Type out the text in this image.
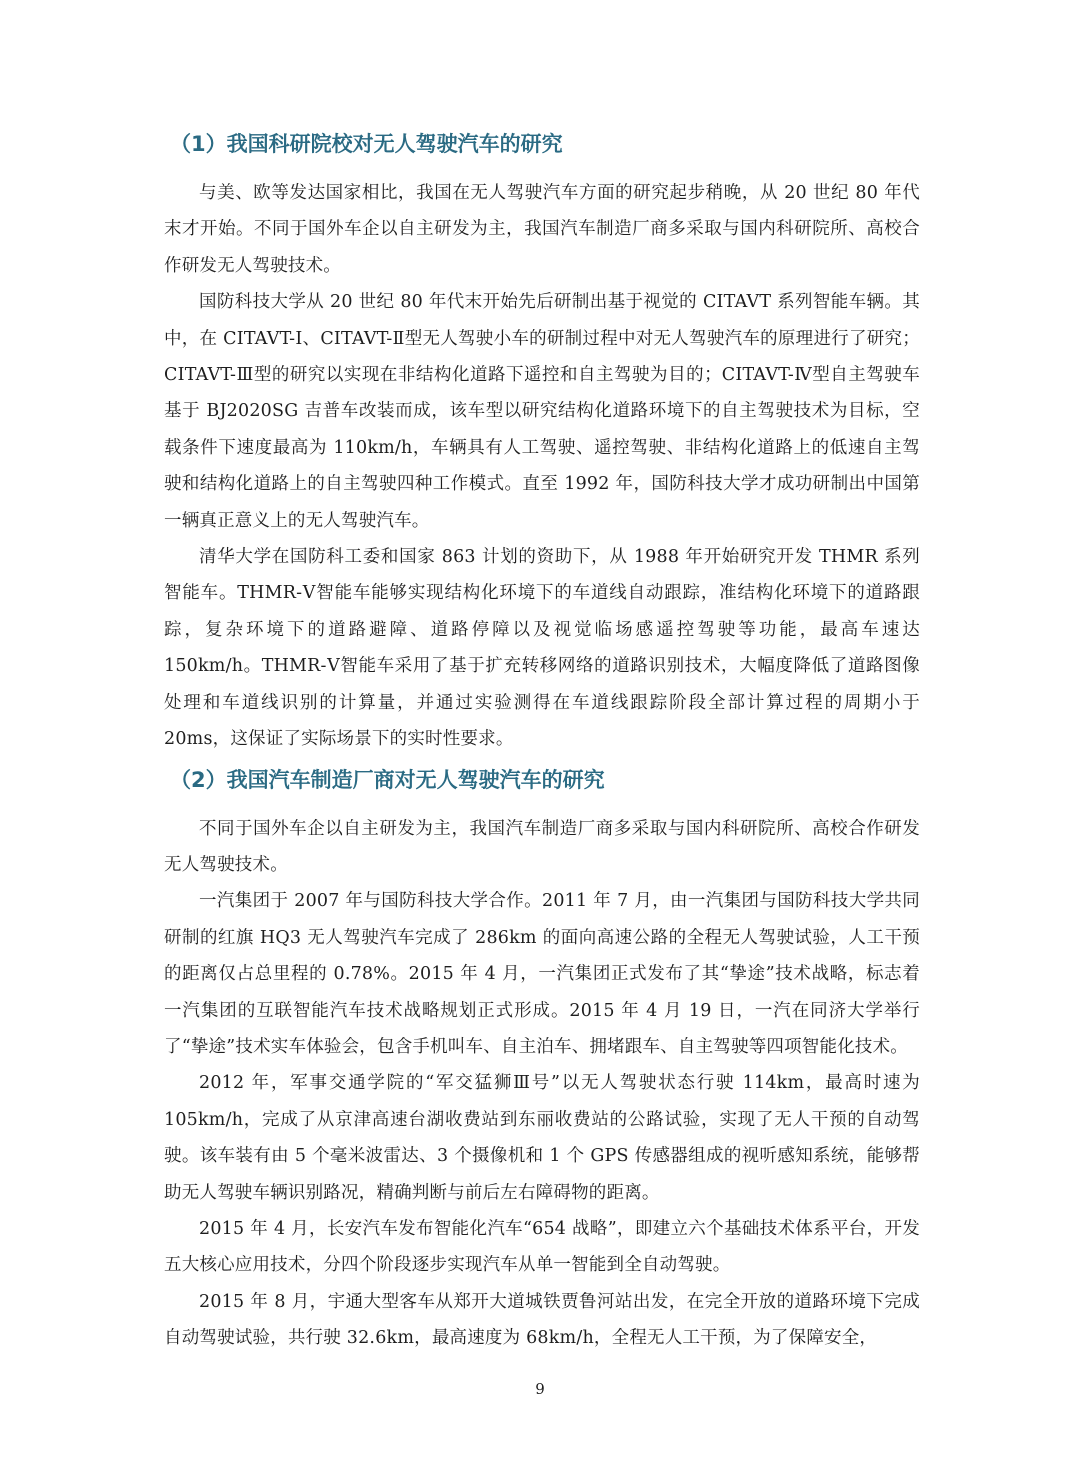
（1）我国科研院校对无人驾驶汽车的研究

与美、欧等发达国家相比，我国在无人驾驶汽车方面的研究起步稍晚，从 20 世纪 80 年代末才开始。不同于国外车企以自主研发为主，我国汽车制造厂商多采取与国内科研院所、高校合作研发无人驾驶技术。

国防科技大学从 20 世纪 80 年代末开始先后研制出基于视觉的 CITAVT 系列智能车辆。其中，在 CITAVT-Ⅰ、CITAVT-Ⅱ型无人驾驶小车的研制过程中对无人驾驶汽车的原理进行了研究；CITAVT-Ⅲ型的研究以实现在非结构化道路下遥控和自主驾驶为目的；CITAVT-Ⅳ型自主驾驶车基于 BJ2020SG 吉普车改装而成，该车型以研究结构化道路环境下的自主驾驶技术为目标，空载条件下速度最高为 110km/h，车辆具有人工驾驶、遥控驾驶、非结构化道路上的低速自主驾驶和结构化道路上的自主驾驶四种工作模式。直至 1992 年，国防科技大学才成功研制出中国第一辆真正意义上的无人驾驶汽车。

清华大学在国防科工委和国家 863 计划的资助下，从 1988 年开始研究开发 THMR 系列智能车。THMR-Ⅴ智能车能够实现结构化环境下的车道线自动跟踪，准结构化环境下的道路跟踪，复杂环境下的道路避障、道路停障以及视觉临场感遥控驾驶等功能，最高车速达 150km/h。THMR-Ⅴ智能车采用了基于扩充转移网络的道路识别技术，大幅度降低了道路图像处理和车道线识别的计算量，并通过实验测得在车道线跟踪阶段全部计算过程的周期小于 20ms，这保证了实际场景下的实时性要求。

（2）我国汽车制造厂商对无人驾驶汽车的研究

不同于国外车企以自主研发为主，我国汽车制造厂商多采取与国内科研院所、高校合作研发无人驾驶技术。

一汽集团于 2007 年与国防科技大学合作。2011 年 7 月，由一汽集团与国防科技大学共同研制的红旗 HQ3 无人驾驶汽车完成了 286km 的面向高速公路的全程无人驾驶试验，人工干预的距离仅占总里程的 0.78%。2015 年 4 月，一汽集团正式发布了其“挚途”技术战略，标志着一汽集团的互联智能汽车技术战略规划正式形成。2015 年 4 月 19 日，一汽在同济大学举行了“挚途”技术实车体验会，包含手机叫车、自主泊车、拥堵跟车、自主驾驶等四项智能化技术。

2012 年，军事交通学院的“军交猛狮Ⅲ号”以无人驾驶状态行驶 114km，最高时速为 105km/h，完成了从京津高速台湖收费站到东丽收费站的公路试验，实现了无人干预的自动驾驶。该车装有由 5 个毫米波雷达、3 个摄像机和 1 个 GPS 传感器组成的视听感知系统，能够帮助无人驾驶车辆识别路况，精确判断与前后左右障碍物的距离。

2015 年 4 月，长安汽车发布智能化汽车“654 战略”，即建立六个基础技术体系平台，开发五大核心应用技术，分四个阶段逐步实现汽车从单一智能到全自动驾驶。

2015 年 8 月，宇通大型客车从郑开大道城铁贾鲁河站出发，在完全开放的道路环境下完成自动驾驶试验，共行驶 32.6km，最高速度为 68km/h，全程无人工干预，为了保障安全，

9
